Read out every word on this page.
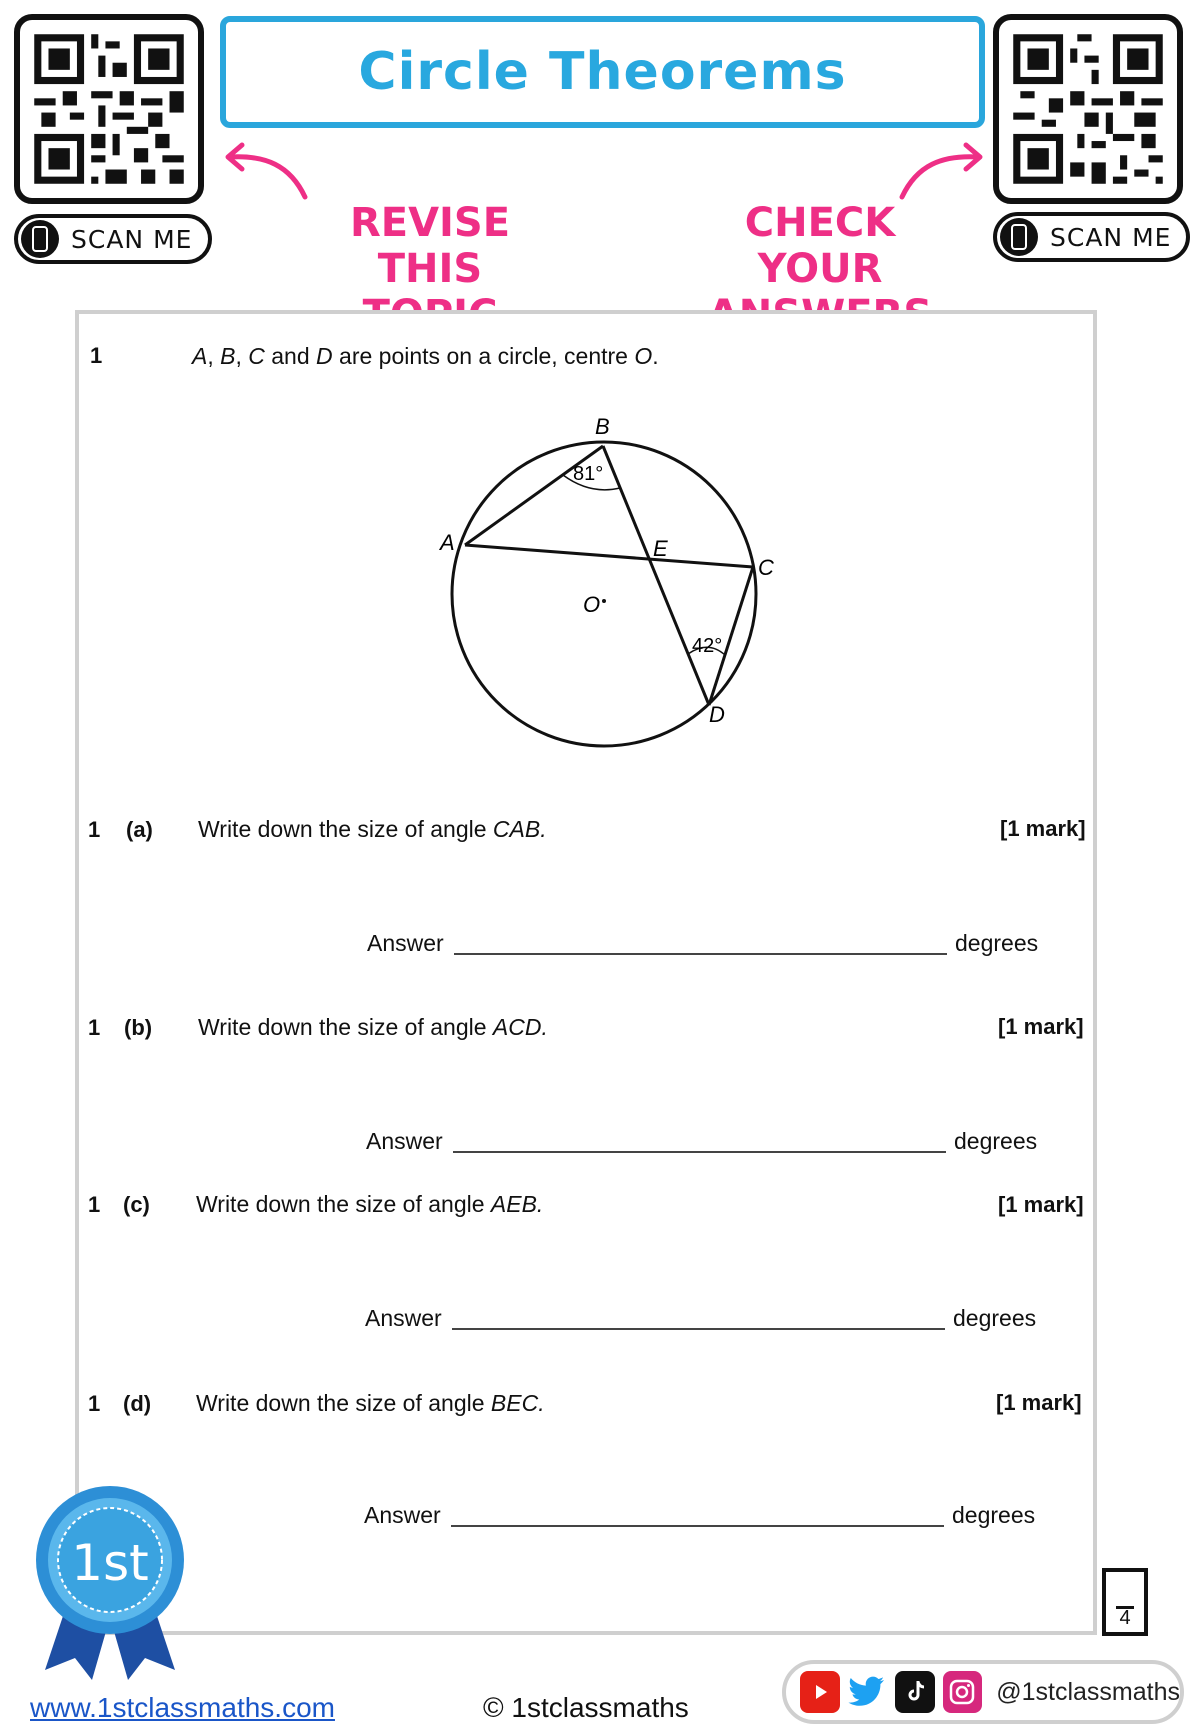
SCAN ME
Circle Theorems
SCAN ME
REVISE THIS
CHECK YOUR
1	A, B, C and D are points on a circle, centre O.
B
A	E
C
O
D
81°
42°
1 (a) Write down the size of angle CAB.	[1 mark]
Answer	degrees
1 (b) Write down the size of angle ACD.	[1 mark]
Answer	degrees
1 (c) Write down the size of angle AEB.	[1 mark]
Answer	degrees
1 (d) Write down the size of angle BEC.	[1 mark]
Answer	degrees
4
1st
www.1stclassmaths.com	© 1stclassmaths
@1stclassmaths
